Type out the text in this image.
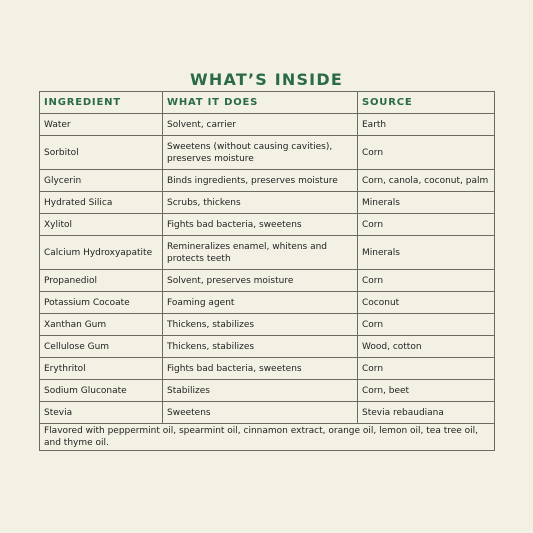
WHAT’S INSIDE
INGREDIENT	WHAT IT DOES	SOURCE
Water	Solvent, carrier	Earth
Sorbitol	Sweetens (without causing cavities), preserves moisture	Corn
Glycerin	Binds ingredients, preserves moisture	Corn, canola, coconut, palm
Hydrated Silica	Scrubs, thickens	Minerals
Xylitol	Fights bad bacteria, sweetens	Corn
Calcium Hydroxyapatite	Remineralizes enamel, whitens and protects teeth	Minerals
Propanediol	Solvent, preserves moisture	Corn
Potassium Cocoate	Foaming agent	Coconut
Xanthan Gum	Thickens, stabilizes	Corn
Cellulose Gum	Thickens, stabilizes	Wood, cotton
Erythritol	Fights bad bacteria, sweetens	Corn
Sodium Gluconate	Stabilizes	Corn, beet
Stevia	Sweetens	Stevia rebaudiana
Flavored with peppermint oil, spearmint oil, cinnamon extract, orange oil, lemon oil, tea tree oil, and thyme oil.		
